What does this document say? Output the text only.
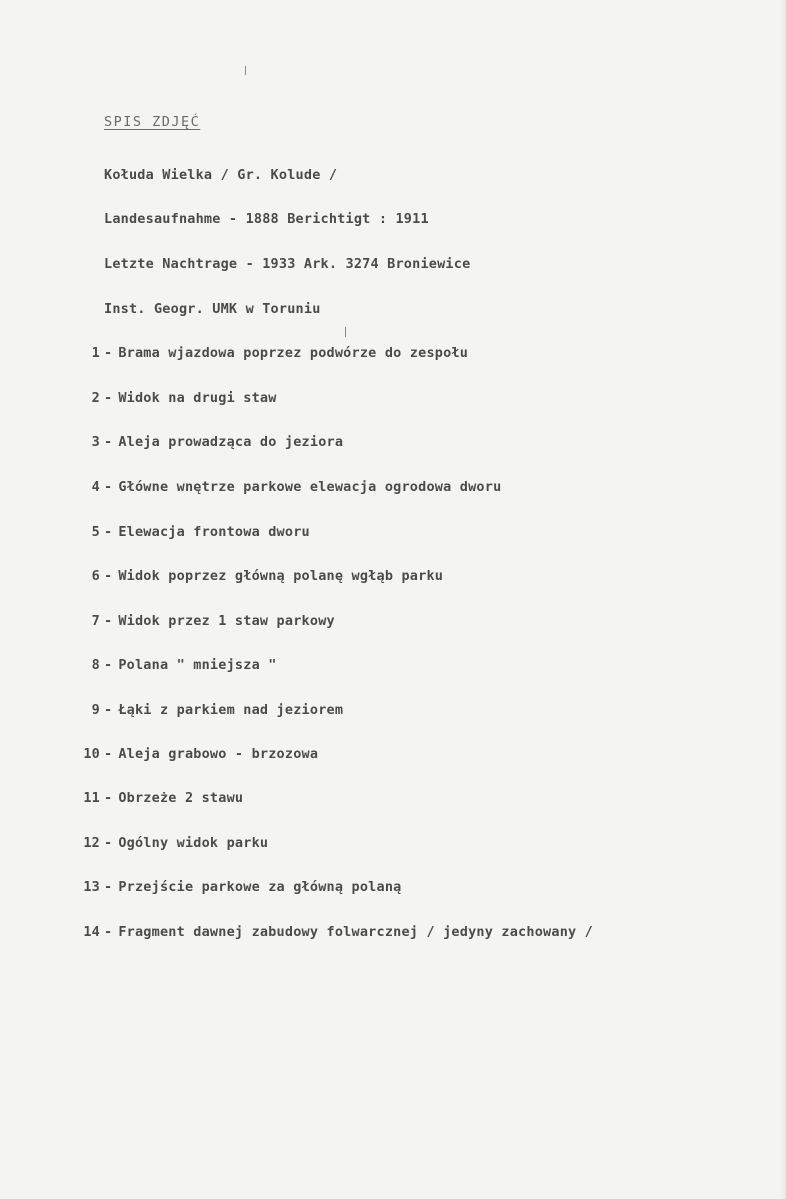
SPIS ZDJĘĆ

Kołuda Wielka / Gr. Kolude /

Landesaufnahme - 1888 Berichtigt : 1911

Letzte Nachtrage - 1933 Ark. 3274 Broniewice

Inst. Geogr. UMK w Toruniu

1 - Brama wjazdowa poprzez podwórze do zespołu
2 - Widok na drugi staw
3 - Aleja prowadząca do jeziora
4 - Główne wnętrze parkowe elewacja ogrodowa dworu
5 - Elewacja frontowa dworu
6 - Widok poprzez główną polanę wgłąb parku
7 - Widok przez 1 staw parkowy
8 - Polana " mniejsza "
9 - Łąki z parkiem nad jeziorem
10 - Aleja grabowo - brzozowa
11 - Obrzeże 2 stawu
12 - Ogólny widok parku
13 - Przejście parkowe za główną polaną
14 - Fragment dawnej zabudowy folwarcznej / jedyny zachowany /
